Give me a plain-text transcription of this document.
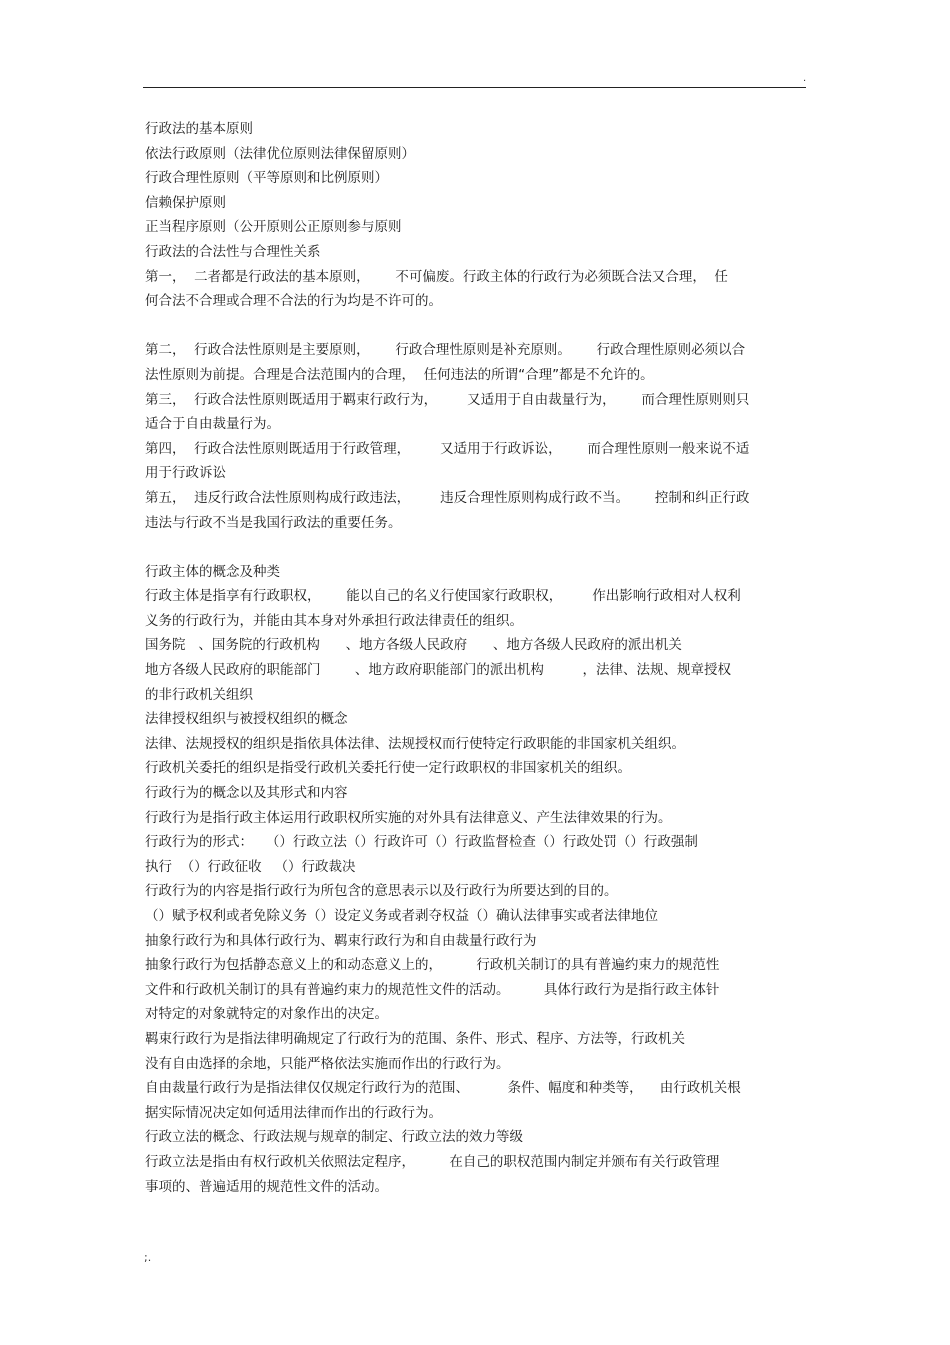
.
行政法的基本原则
依法行政原则（法律优位原则法律保留原则）
行政合理性原则（平等原则和比例原则）
信赖保护原则
正当程序原则（公开原则公正原则参与原则
行政法的合法性与合理性关系
第一，  二者都是行政法的基本原则，      不可偏废。行政主体的行政行为必须既合法又合理，  任
何合法不合理或合理不合法的行为均是不许可的。
第二，  行政合法性原则是主要原则，      行政合理性原则是补充原则。      行政合理性原则必须以合
法性原则为前提。合理是合法范围内的合理，  任何违法的所谓“合理”都是不允许的。
第三，  行政合法性原则既适用于羁束行政行为，       又适用于自由裁量行为，      而合理性原则则只
适合于自由裁量行为。
第四，  行政合法性原则既适用于行政管理，       又适用于行政诉讼，      而合理性原则一般来说不适
用于行政诉讼
第五，  违反行政合法性原则构成行政违法，       违反合理性原则构成行政不当。      控制和纠正行政
违法与行政不当是我国行政法的重要任务。
行政主体的概念及种类
行政主体是指享有行政职权，      能以自己的名义行使国家行政职权，       作出影响行政相对人权利
义务的行政行为，并能由其本身对外承担行政法律责任的组织。
国务院   、国务院的行政机构      、地方各级人民政府      、地方各级人民政府的派出机关
地方各级人民政府的职能部门        、地方政府职能部门的派出机构         ，法律、法规、规章授权
的非行政机关组织
法律授权组织与被授权组织的概念
法律、法规授权的组织是指依具体法律、法规授权而行使特定行政职能的非国家机关组织。
行政机关委托的组织是指受行政机关委托行使一定行政职权的非国家机关的组织。
行政行为的概念以及其形式和内容
行政行为是指行政主体运用行政职权所实施的对外具有法律意义、产生法律效果的行为。
行政行为的形式：   （）行政立法（）行政许可（）行政监督检查（）行政处罚（）行政强制
执行  （）行政征收   （）行政裁决
行政行为的内容是指行政行为所包含的意思表示以及行政行为所要达到的目的。
（）赋予权利或者免除义务（）设定义务或者剥夺权益（）确认法律事实或者法律地位
抽象行政行为和具体行政行为、羁束行政行为和自由裁量行政行为
抽象行政行为包括静态意义上的和动态意义上的，        行政机关制订的具有普遍约束力的规范性
文件和行政机关制订的具有普遍约束力的规范性文件的活动。        具体行政行为是指行政主体针
对特定的对象就特定的对象作出的决定。
羁束行政行为是指法律明确规定了行政行为的范围、条件、形式、程序、方法等，行政机关
没有自由选择的余地，只能严格依法实施而作出的行政行为。
自由裁量行政行为是指法律仅仅规定行政行为的范围、         条件、幅度和种类等，    由行政机关根
据实际情况决定如何适用法律而作出的行政行为。
行政立法的概念、行政法规与规章的制定、行政立法的效力等级
行政立法是指由有权行政机关依照法定程序，        在自己的职权范围内制定并颁布有关行政管理
事项的、普遍适用的规范性文件的活动。
;.
